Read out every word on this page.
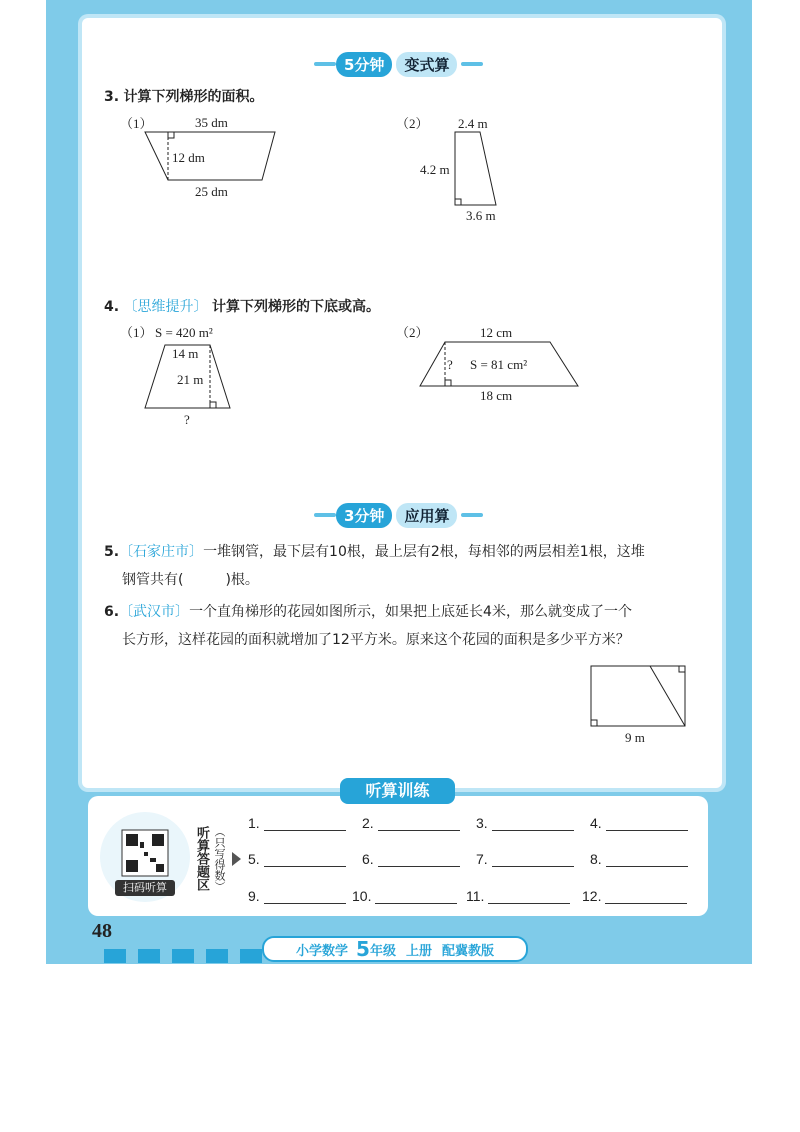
5分钟	变式算
3. 计算下列梯形的面积。
（1）	35 dm
12 dm
25 dm
（2） 2.4 m
4.2 m
3.6 m
4. 〔思维提升〕 计算下列梯形的下底或高。
（1） S = 420 m²
14 m
21 m
?
（2）	12 cm
? S = 81 cm²
18 cm
3分钟	应用算
5.〔石家庄市〕一堆钢管，最下层有10根，最上层有2根，每相邻的两层相差1根，这堆
钢管共有(　　　)根。
6.〔武汉市〕一个直角梯形的花园如图所示，如果把上底延长4米，那么就变成了一个
长方形，这样花园的面积就增加了12平方米。原来这个花园的面积是多少平方米？
9 m
听算训练
扫码听算	听算答题区 （只写得数）
1.	2.	3.	4.
5.	6.	7.	8.
9.	10.	11.	12.
48
小学数学 5 年级 上册 配冀教版
